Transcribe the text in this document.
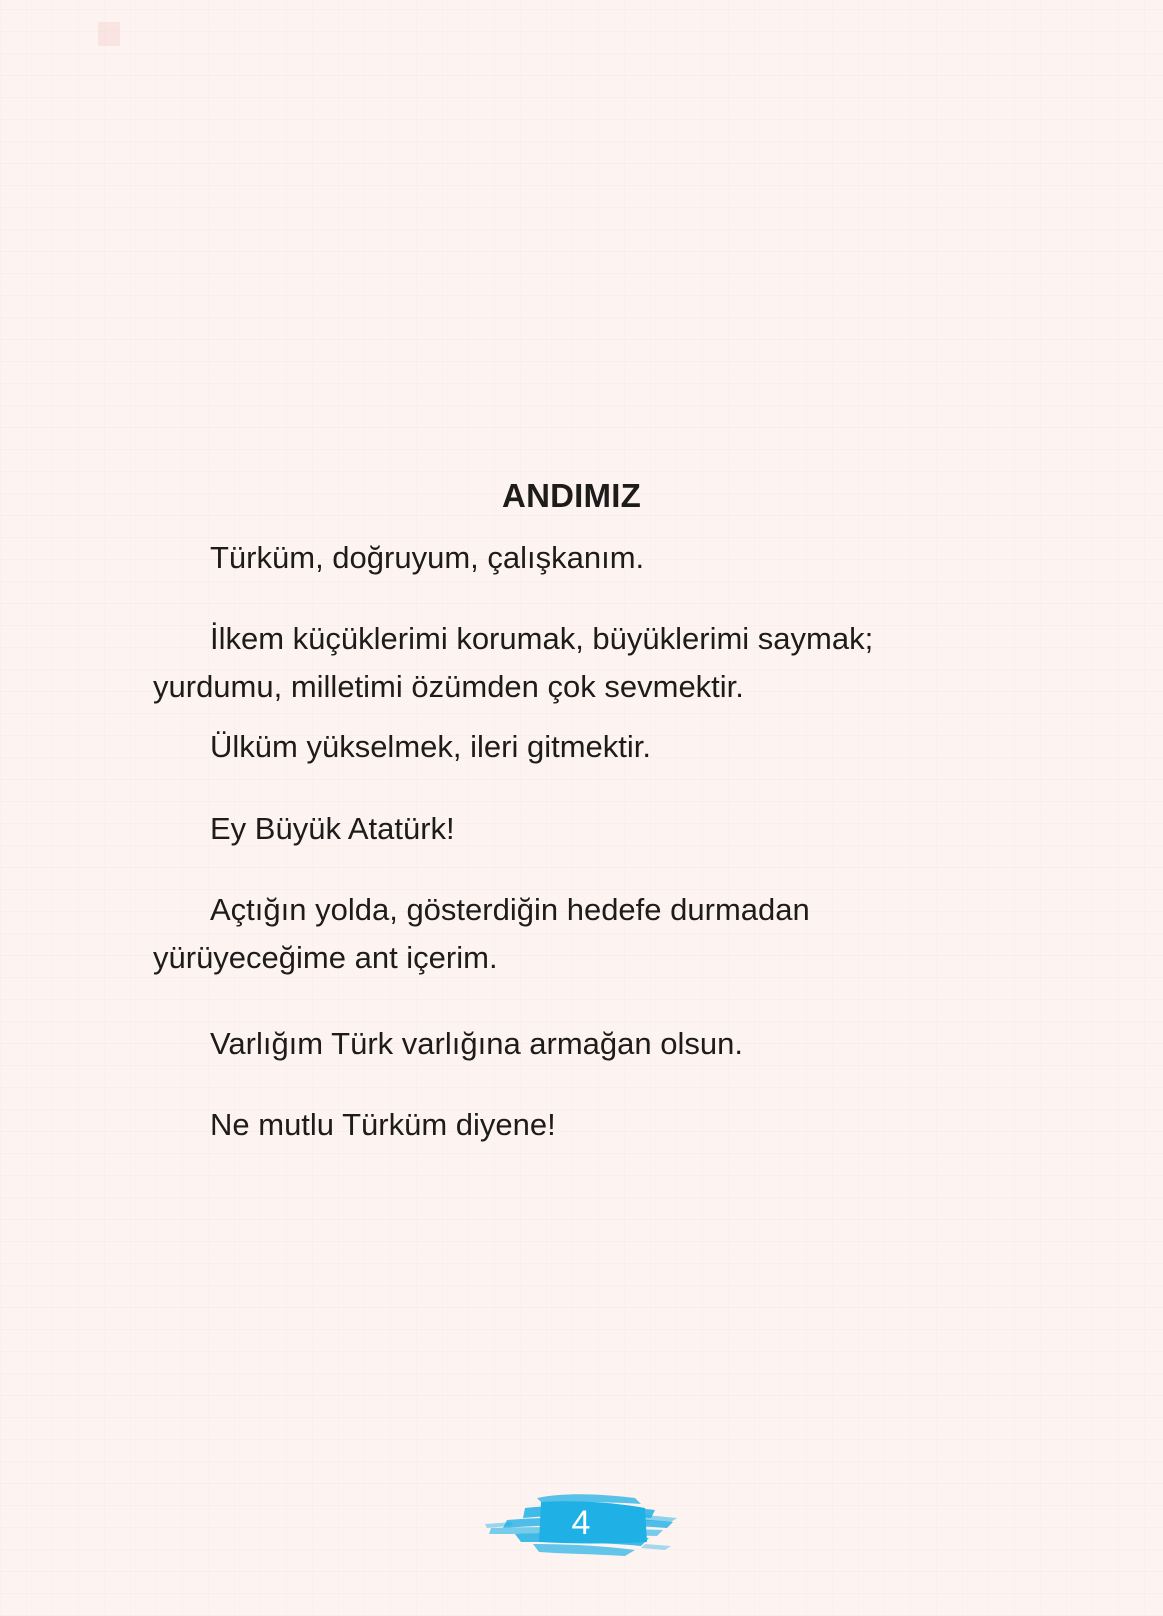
ANDIMIZ

Türküm, doğruyum, çalışkanım.

İlkem küçüklerimi korumak, büyüklerimi saymak; yurdumu, milletimi özümden çok sevmektir.

Ülküm yükselmek, ileri gitmektir.

Ey Büyük Atatürk!

Açtığın yolda, gösterdiğin hedefe durmadan yürüyeceğime ant içerim.

Varlığım Türk varlığına armağan olsun.

Ne mutlu Türküm diyene!

4
